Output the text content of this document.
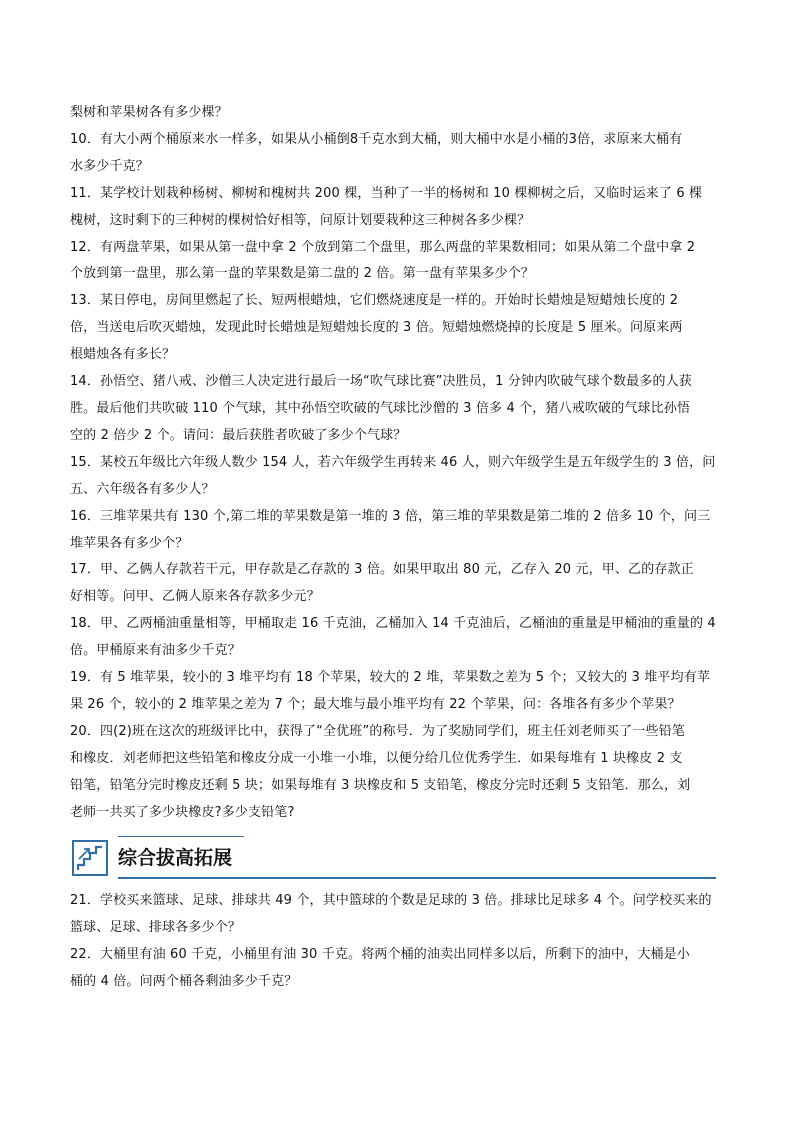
梨树和苹果树各有多少棵？
10．有大小两个桶原来水一样多，如果从小桶倒8千克水到大桶，则大桶中水是小桶的3倍，求原来大桶有
水多少千克？
11．某学校计划栽种杨树、柳树和槐树共 200 棵，当种了一半的杨树和 10 棵柳树之后，又临时运来了 6 棵
槐树，这时剩下的三种树的棵树恰好相等，问原计划要栽种这三种树各多少棵？
12．有两盘苹果，如果从第一盘中拿 2 个放到第二个盘里，那么两盘的苹果数相同；如果从第二个盘中拿 2
个放到第一盘里，那么第一盘的苹果数是第二盘的 2 倍。第一盘有苹果多少个？
13．某日停电，房间里燃起了长、短两根蜡烛，它们燃烧速度是一样的。开始时长蜡烛是短蜡烛长度的 2
倍，当送电后吹灭蜡烛，发现此时长蜡烛是短蜡烛长度的 3 倍。短蜡烛燃烧掉的长度是 5 厘米。问原来两
根蜡烛各有多长？
14．孙悟空、猪八戒、沙僧三人决定进行最后一场“吹气球比赛”决胜员，1 分钟内吹破气球个数最多的人获
胜。最后他们共吹破 110 个气球，其中孙悟空吹破的气球比沙僧的 3 倍多 4 个，猪八戒吹破的气球比孙悟
空的 2 倍少 2 个。请问：最后获胜者吹破了多少个气球？
15．某校五年级比六年级人数少 154 人，若六年级学生再转来 46 人，则六年级学生是五年级学生的 3 倍，问
五、六年级各有多少人？
16．三堆苹果共有 130 个,第二堆的苹果数是第一堆的 3 倍，第三堆的苹果数是第二堆的 2 倍多 10 个，问三
堆苹果各有多少个？
17．甲、乙俩人存款若干元，甲存款是乙存款的 3 倍。如果甲取出 80 元，乙存入 20 元，甲、乙的存款正
好相等。问甲、乙俩人原来各存款多少元？
18．甲、乙两桶油重量相等，甲桶取走 16 千克油，乙桶加入 14 千克油后，乙桶油的重量是甲桶油的重量的 4
倍。甲桶原来有油多少千克？
19．有 5 堆苹果，较小的 3 堆平均有 18 个苹果，较大的 2 堆，苹果数之差为 5 个；又较大的 3 堆平均有苹
果 26 个，较小的 2 堆苹果之差为 7 个；最大堆与最小堆平均有 22 个苹果，问：各堆各有多少个苹果？
20．四(2)班在这次的班级评比中，获得了“全优班”的称号．为了奖励同学们，班主任刘老师买了一些铅笔
和橡皮．刘老师把这些铅笔和橡皮分成一小堆一小堆，以便分给几位优秀学生．如果每堆有 1 块橡皮 2 支
铅笔，铅笔分完时橡皮还剩 5 块；如果每堆有 3 块橡皮和 5 支铅笔，橡皮分完时还剩 5 支铅笔．那么，刘
老师一共买了多少块橡皮?多少支铅笔?
综合拔高拓展
21．学校买来篮球、足球、排球共 49 个，其中篮球的个数是足球的 3 倍。排球比足球多 4 个。问学校买来的
篮球、足球、排球各多少个？
22．大桶里有油 60 千克，小桶里有油 30 千克。将两个桶的油卖出同样多以后，所剩下的油中，大桶是小
桶的 4 倍。问两个桶各剩油多少千克？
